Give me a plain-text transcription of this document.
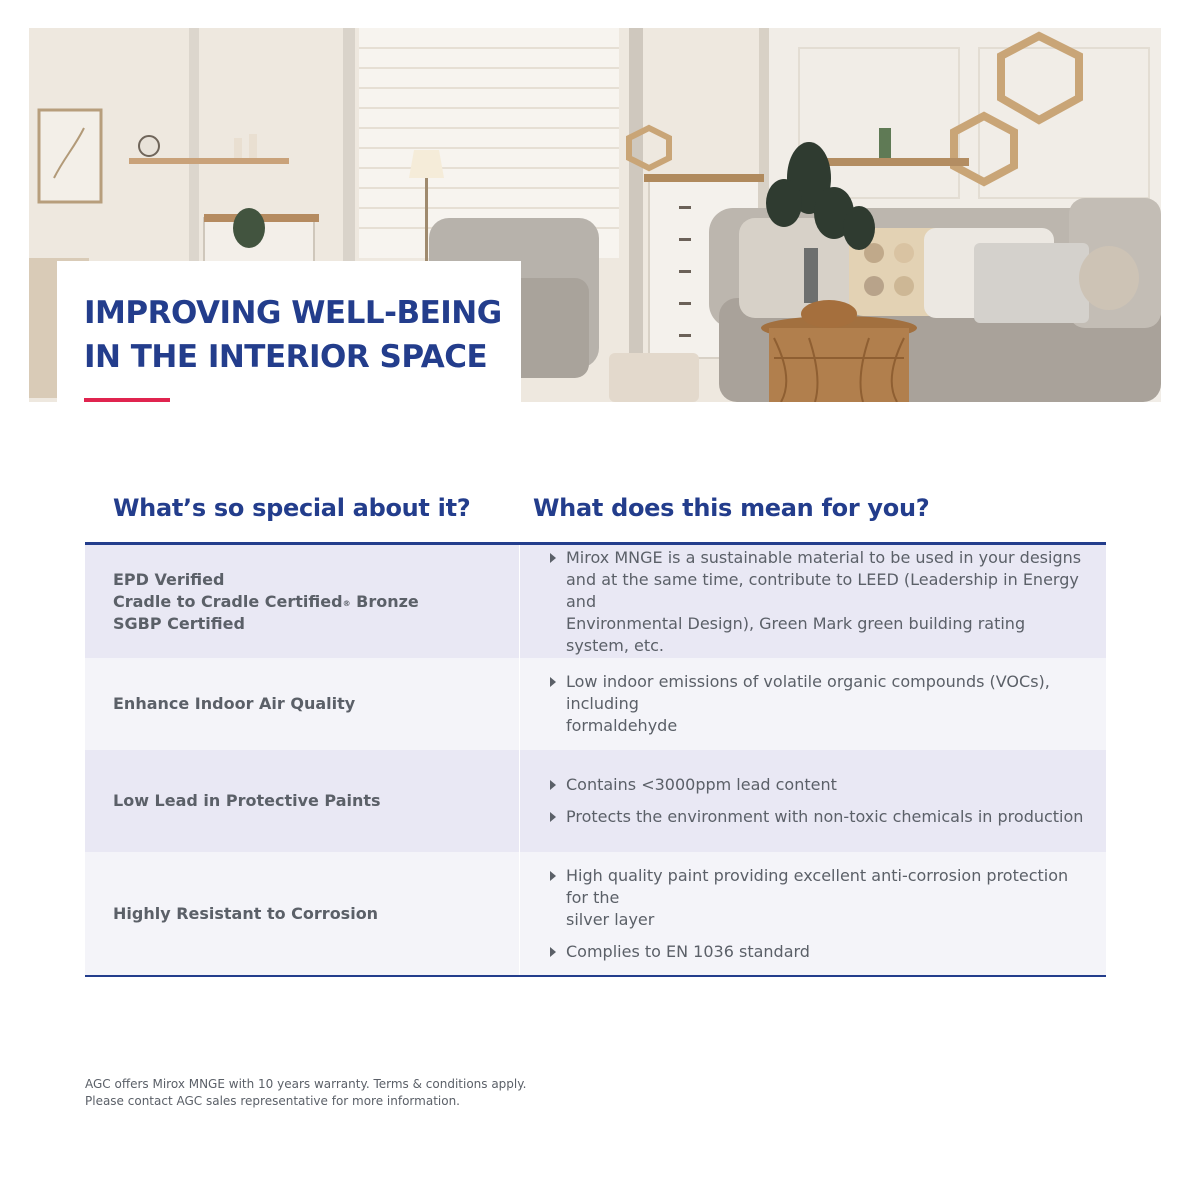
IMPROVING WELL-BEING
IN THE INTERIOR SPACE
What’s so special about it?	What does this mean for you?
EPD Verified
Cradle to Cradle Certified® Bronze
SGBP Certified
Mirox MNGE is a sustainable material to be used in your designs
and at the same time, contribute to LEED (Leadership in Energy and
Environmental Design), Green Mark green building rating system, etc.
Enhance Indoor Air Quality
Low indoor emissions of volatile organic compounds (VOCs), including
formaldehyde
Low Lead in Protective Paints
Contains <3000ppm lead content
Protects the environment with non-toxic chemicals in production
Highly Resistant to Corrosion
High quality paint providing excellent anti-corrosion protection for the
silver layer
Complies to EN 1036 standard
AGC offers Mirox MNGE with 10 years warranty. Terms & conditions apply.
Please contact AGC sales representative for more information.
